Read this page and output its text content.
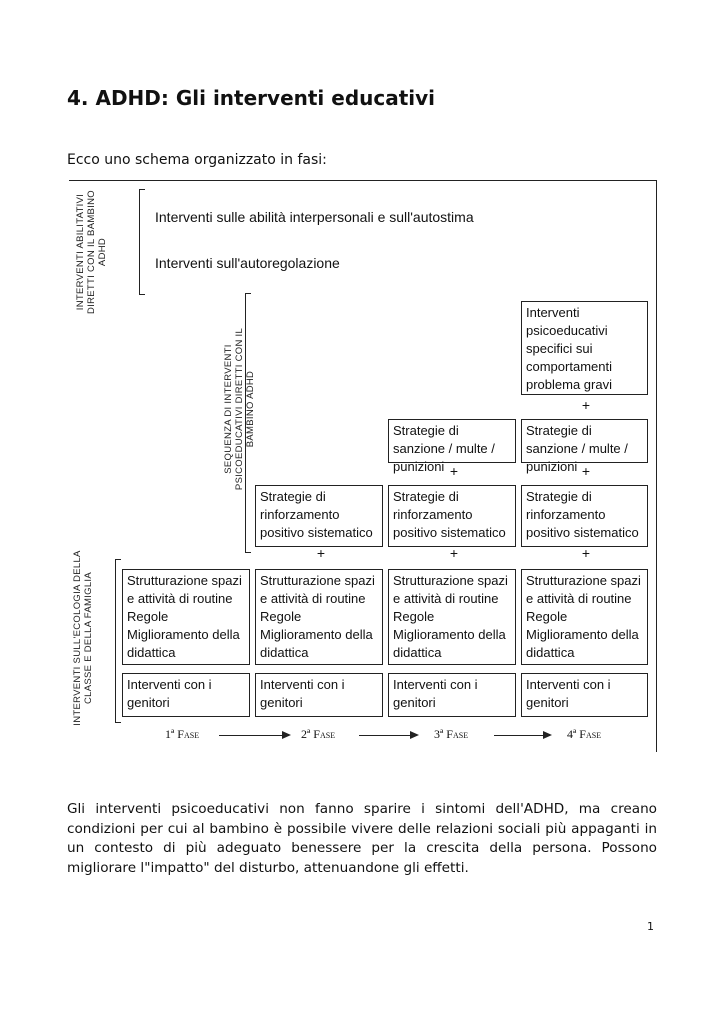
4. ADHD: Gli interventi educativi
Ecco uno schema organizzato in fasi:
INTERVENTI ABILITATIVI DIRETTI CON IL BAMBINO ADHD
SEQUENZA DI INTERVENTI PSICOEDUCATIVI DIRETTI CON IL BAMBINO ADHD
INTERVENTI SULL'ECOLOGIA DELLA CLASSE E DELLA FAMIGLIA
Interventi sulle abilità interpersonali e sull'autostima
Interventi sull'autoregolazione
Interventi psicoeducativi specifici sui comportamenti problema gravi
+
Strategie di sanzione / multe / punizioni
Strategie di sanzione / multe / punizioni
+	+
Strategie di rinforzamento positivo sistematico
Strategie di rinforzamento positivo sistematico
Strategie di rinforzamento positivo sistematico
+	+	+
Strutturazione spazi e attività di routine Regole Miglioramento della didattica
Strutturazione spazi e attività di routine Regole Miglioramento della didattica
Strutturazione spazi e attività di routine Regole Miglioramento della didattica
Strutturazione spazi e attività di routine Regole Miglioramento della didattica
Interventi con i genitori
Interventi con i genitori
Interventi con i genitori
Interventi con i genitori
1ª Fase	2ª Fase	3ª Fase	4ª Fase

Gli interventi psicoeducativi non fanno sparire i sintomi dell'ADHD, ma creano condizioni per cui al bambino è possibile vivere delle relazioni sociali più appaganti in un contesto di più adeguato benessere per la crescita della persona. Possono migliorare l"impatto" del disturbo, attenuandone gli effetti.

1
